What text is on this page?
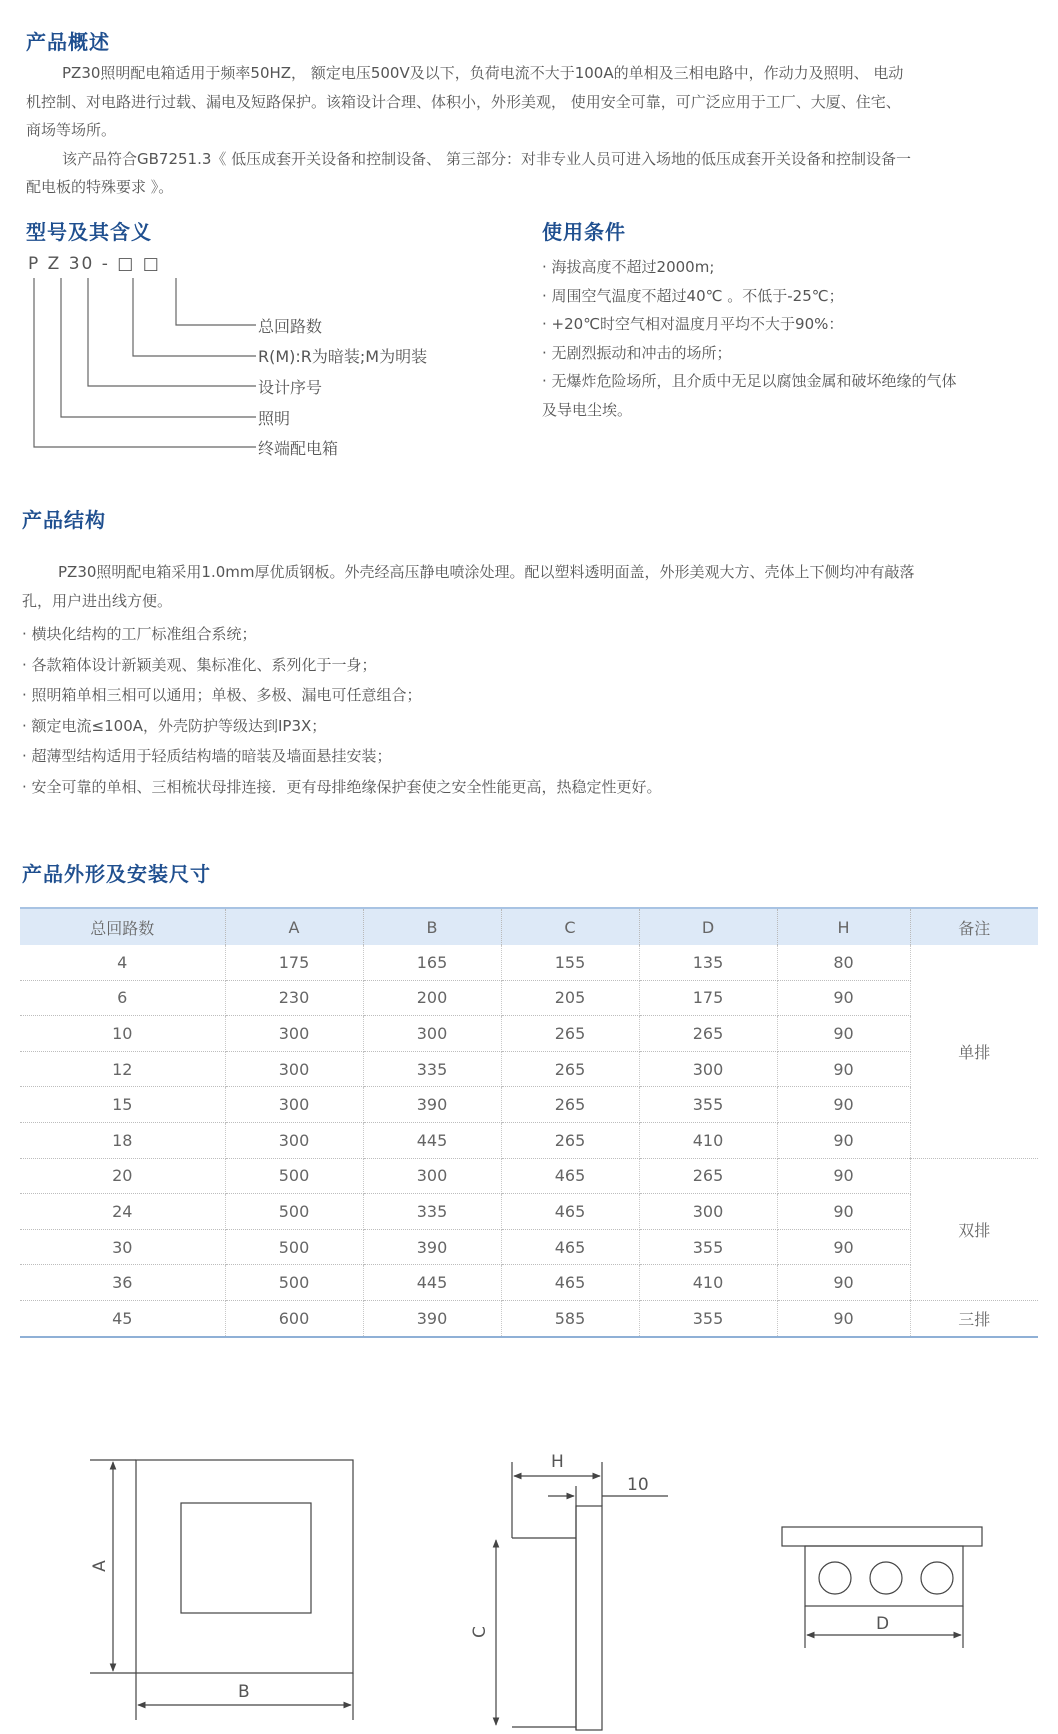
产品概述
PZ30照明配电箱适用于频率50HZ， 额定电压500V及以下，负荷电流不大于100A的单相及三相电路中，作动力及照明、 电动
机控制、对电路进行过载、漏电及短路保护。该箱设计合理、体积小，外形美观， 使用安全可靠，可广泛应用于工厂、大厦、住宅、
商场等场所。
该产品符合GB7251.3《 低压成套开关设备和控制设备、 第三部分：对非专业人员可进入场地的低压成套开关设备和控制设备一
配电板的特殊要求 》。
型号及其含义
P Z 30 - □ □
总回路数
R(M):R为暗装;M为明装
设计序号
照明
终端配电箱
使用条件
· 海拔高度不超过2000m;
· 周围空气温度不超过40℃ 。不低于-25℃；
· +20℃时空气相对温度月平均不大于90%：
· 无剧烈振动和冲击的场所；
· 无爆炸危险场所，且介质中无足以腐蚀金属和破坏绝缘的气体
及导电尘埃。
产品结构
PZ30照明配电箱采用1.0mm厚优质钢板。外壳经高压静电喷涂处理。配以塑料透明面盖，外形美观大方、壳体上下侧均冲有敲落
孔，用户进出线方便。
· 横块化结构的工厂标准组合系统；
· 各款箱体设计新颖美观、集标准化、系列化于一身；
· 照明箱单相三相可以通用；单极、多极、漏电可任意组合；
· 额定电流≤100A，外壳防护等级达到IP3X；
· 超薄型结构适用于轻质结构墙的暗装及墙面悬挂安装；
· 安全可靠的单相、三相梳状母排连接．更有母排绝缘保护套使之安全性能更高，热稳定性更好。
产品外形及安装尺寸
总回路数	A	B	C	D	H	备注
4	175	165	155	135	80	单排
6	230	200	205	175	90	
10	300	300	265	265	90	
12	300	335	265	300	90	
15	300	390	265	355	90	
18	300	445	265	410	90	
20	500	300	465	265	90	双排
24	500	335	465	300	90	
30	500	390	465	355	90	
36	500	445	465	410	90	
45	600	390	585	355	90	三排
A
B
C
H
10
D
